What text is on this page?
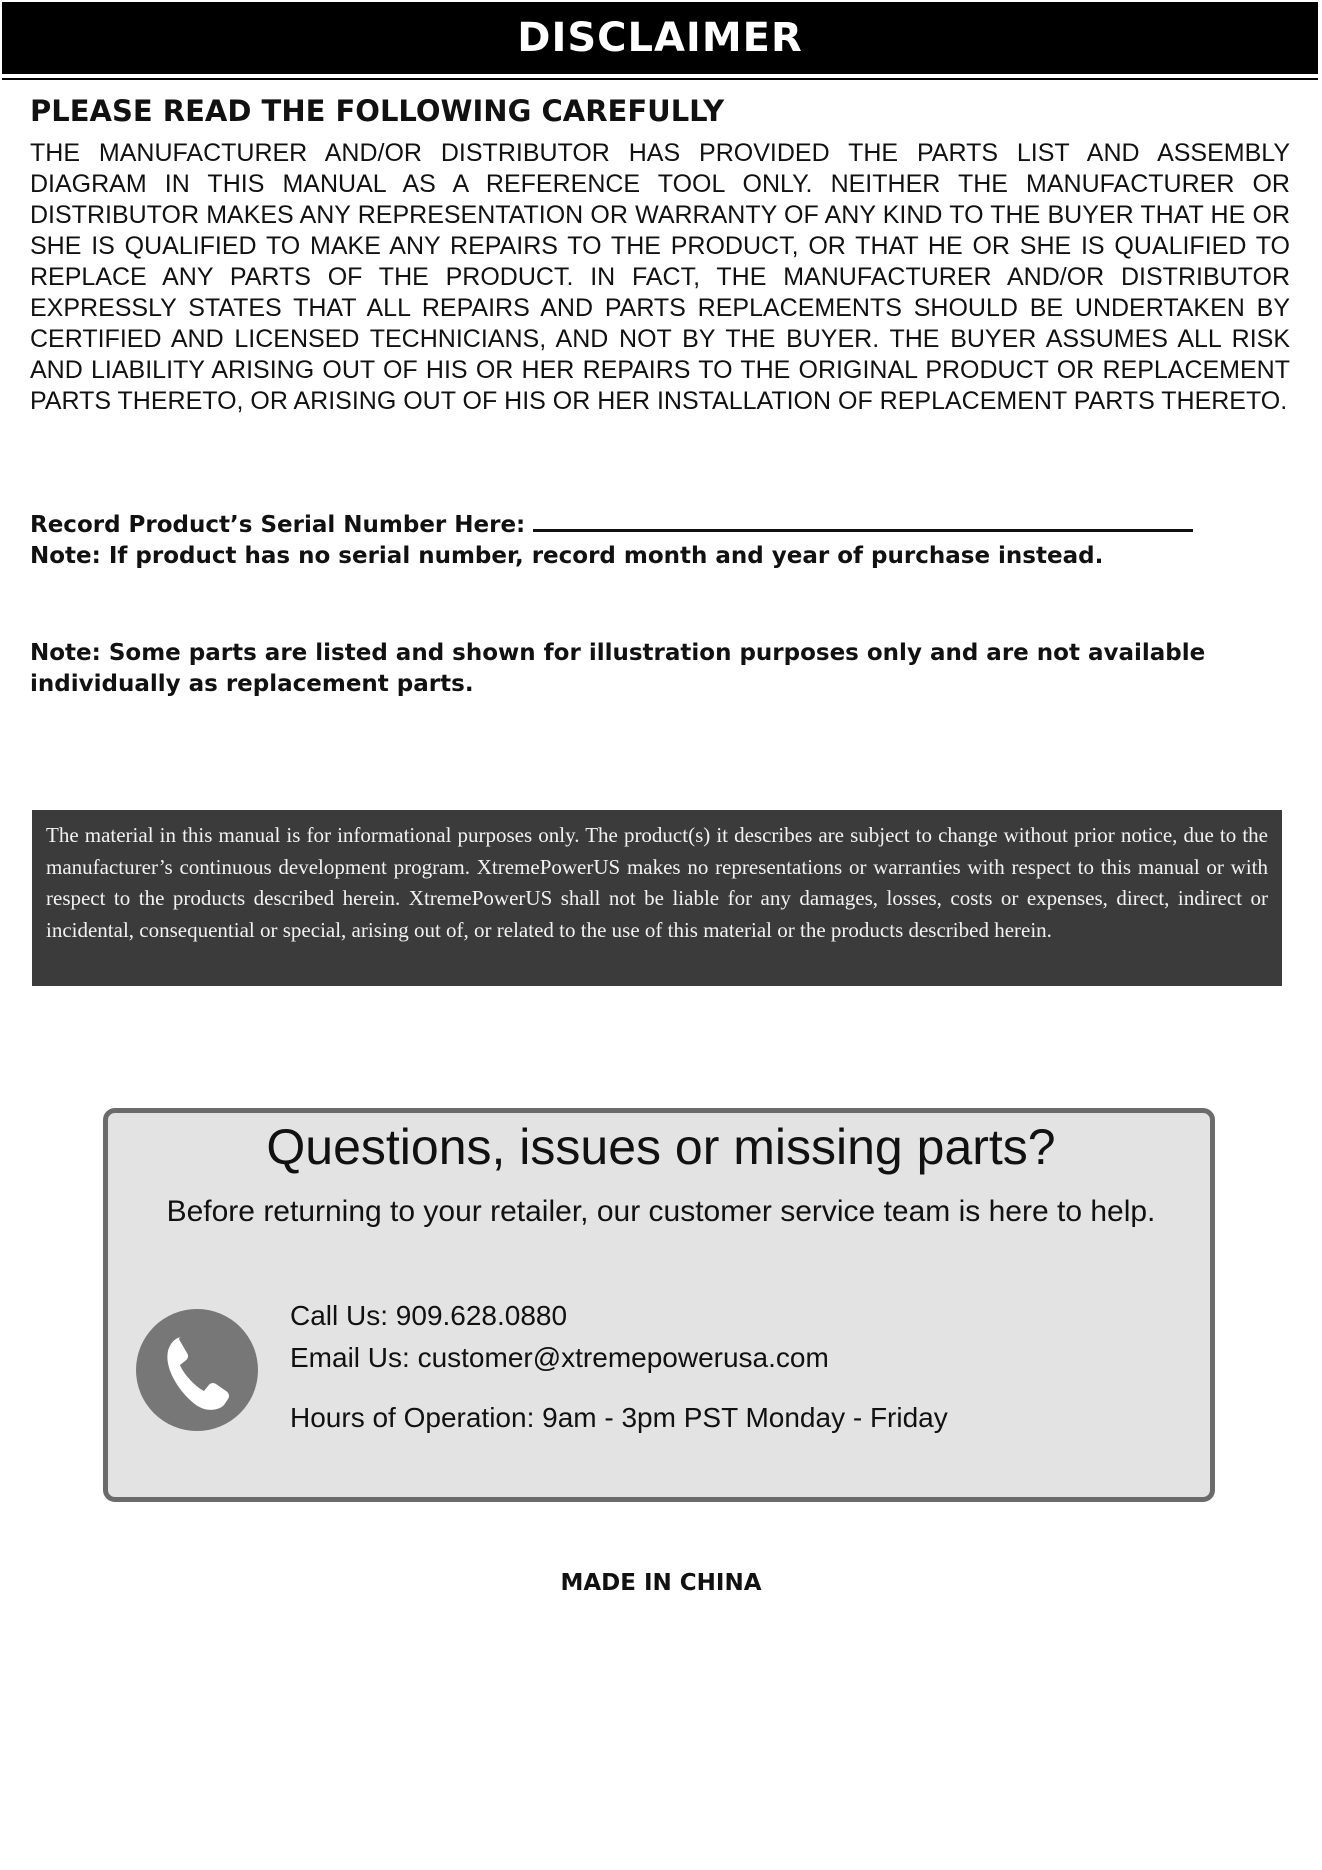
DISCLAIMER
PLEASE READ THE FOLLOWING CAREFULLY
THE MANUFACTURER AND/OR DISTRIBUTOR HAS PROVIDED THE PARTS LIST AND ASSEMBLY DIAGRAM IN THIS MANUAL AS A REFERENCE TOOL ONLY. NEITHER THE MANUFACTURER OR DISTRIBUTOR MAKES ANY REPRESENTATION OR WARRANTY OF ANY KIND TO THE BUYER THAT HE OR SHE IS QUALIFIED TO MAKE ANY REPAIRS TO THE PRODUCT, OR THAT HE OR SHE IS QUALIFIED TO REPLACE ANY PARTS OF THE PRODUCT. IN FACT, THE MANUFACTURER AND/OR DISTRIBUTOR EXPRESSLY STATES THAT ALL REPAIRS AND PARTS REPLACEMENTS SHOULD BE UNDERTAKEN BY CERTIFIED AND LICENSED TECHNICIANS, AND NOT BY THE BUYER. THE BUYER ASSUMES ALL RISK AND LIABILITY ARISING OUT OF HIS OR HER REPAIRS TO THE ORIGINAL PRODUCT OR REPLACEMENT PARTS THERETO, OR ARISING OUT OF HIS OR HER INSTALLATION OF REPLACEMENT PARTS THERETO.
Record Product’s Serial Number Here:
Note: If product has no serial number, record month and year of purchase instead.
Note: Some parts are listed and shown for illustration purposes only and are not available individually as replacement parts.
The material in this manual is for informational purposes only. The product(s) it describes are subject to change without prior notice, due to the manufacturer’s continuous development program. XtremePowerUS makes no representations or warranties with respect to this manual or with respect to the products described herein. XtremePowerUS shall not be liable for any damages, losses, costs or expenses, direct, indirect or incidental, consequential or special, arising out of, or related to the use of this material or the products described herein.
Questions, issues or missing parts?
Before returning to your retailer, our customer service team is here to help.
Call Us: 909.628.0880
Email Us: customer@xtremepowerusa.com
Hours of Operation: 9am - 3pm PST Monday - Friday
MADE IN CHINA
